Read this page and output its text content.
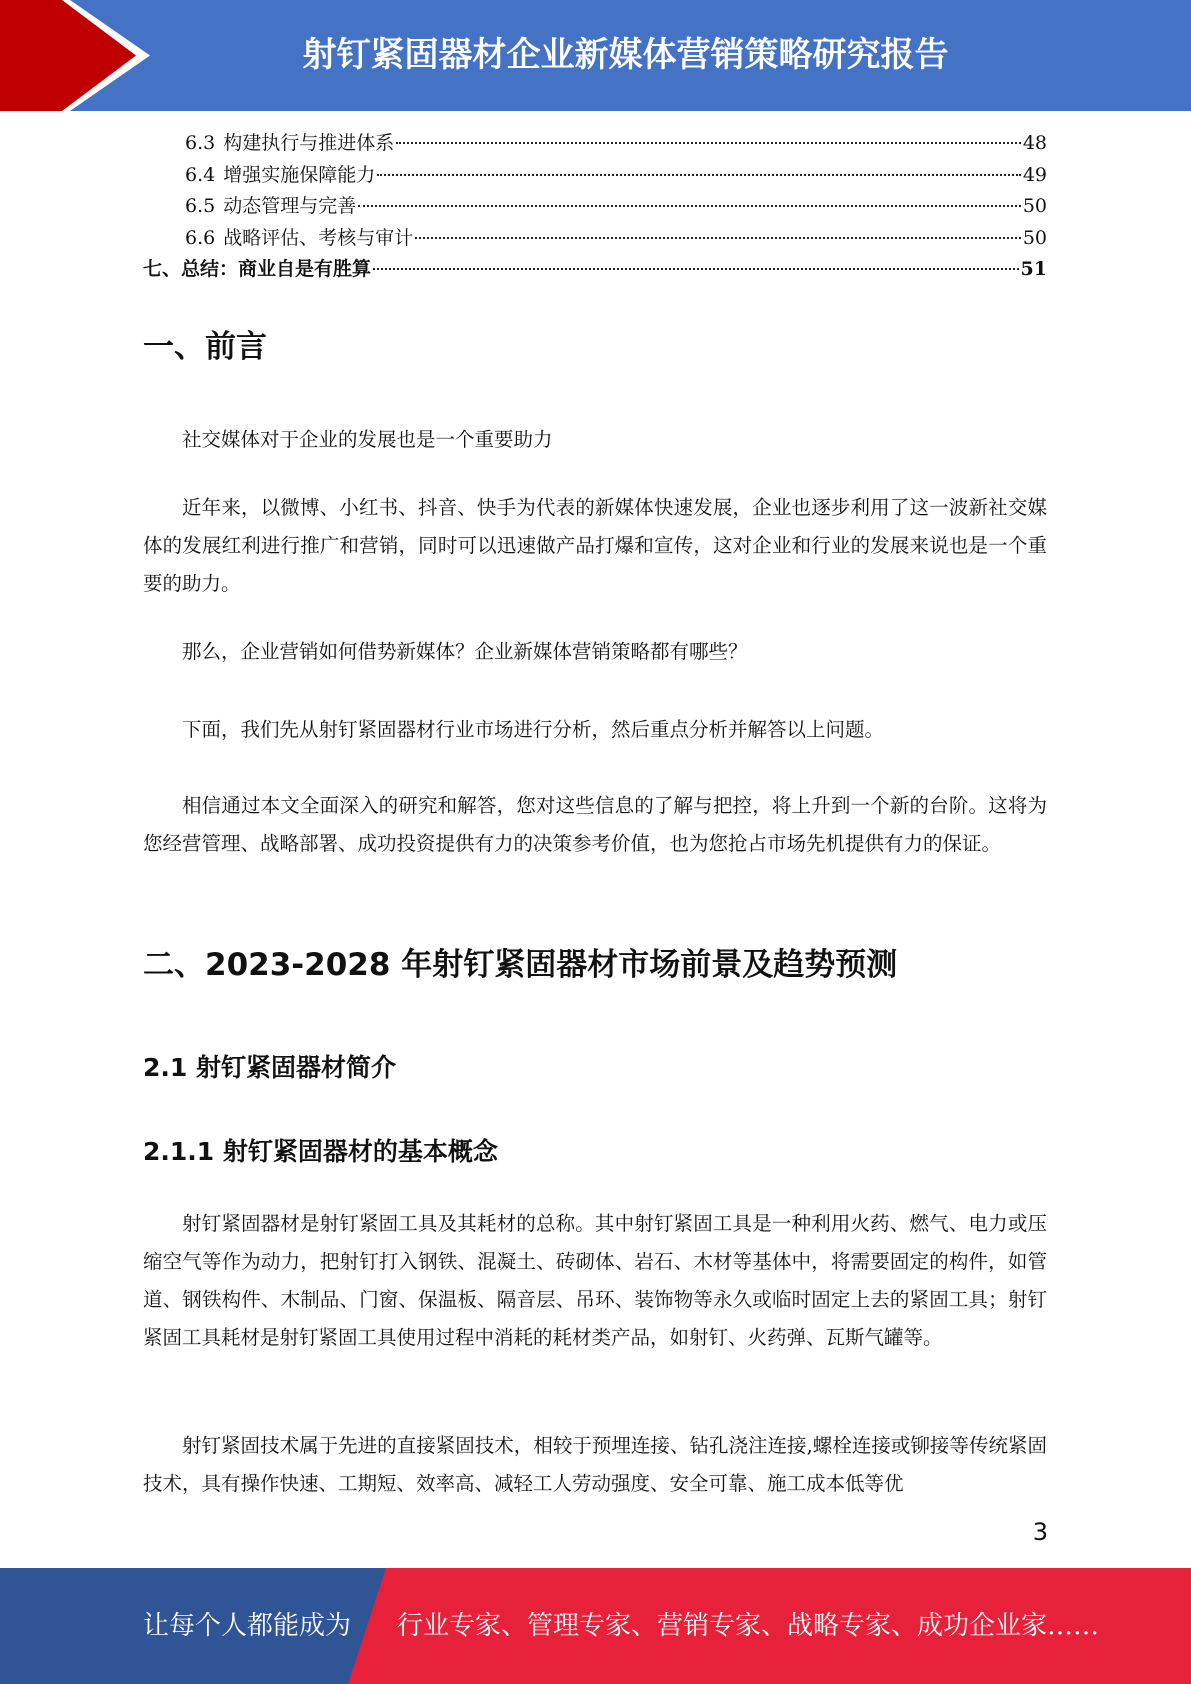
射钉紧固器材企业新媒体营销策略研究报告
6.3 构建执行与推进体系	48
6.4 增强实施保障能力	49
6.5 动态管理与完善	50
6.6 战略评估、考核与审计	50
七、总结：商业自是有胜算	51
一、前言

社交媒体对于企业的发展也是一个重要助力

近年来，以微博、小红书、抖音、快手为代表的新媒体快速发展，企业也逐步利用了这一波新社交媒体的发展红利进行推广和营销，同时可以迅速做产品打爆和宣传，这对企业和行业的发展来说也是一个重要的助力。

那么，企业营销如何借势新媒体？企业新媒体营销策略都有哪些？

下面，我们先从射钉紧固器材行业市场进行分析，然后重点分析并解答以上问题。

相信通过本文全面深入的研究和解答，您对这些信息的了解与把控，将上升到一个新的台阶。这将为您经营管理、战略部署、成功投资提供有力的决策参考价值，也为您抢占市场先机提供有力的保证。

二、2023-2028 年射钉紧固器材市场前景及趋势预测
2.1 射钉紧固器材简介
2.1.1 射钉紧固器材的基本概念

射钉紧固器材是射钉紧固工具及其耗材的总称。其中射钉紧固工具是一种利用火药、燃气、电力或压缩空气等作为动力，把射钉打入钢铁、混凝土、砖砌体、岩石、木材等基体中，将需要固定的构件，如管道、钢铁构件、木制品、门窗、保温板、隔音层、吊环、装饰物等永久或临时固定上去的紧固工具；射钉紧固工具耗材是射钉紧固工具使用过程中消耗的耗材类产品，如射钉、火药弹、瓦斯气罐等。

射钉紧固技术属于先进的直接紧固技术，相较于预埋连接、钻孔浇注连接,螺栓连接或铆接等传统紧固技术，具有操作快速、工期短、效率高、减轻工人劳动强度、安全可靠、施工成本低等优

3
让每个人都能成为 行业专家、管理专家、营销专家、战略专家、成功企业家……
